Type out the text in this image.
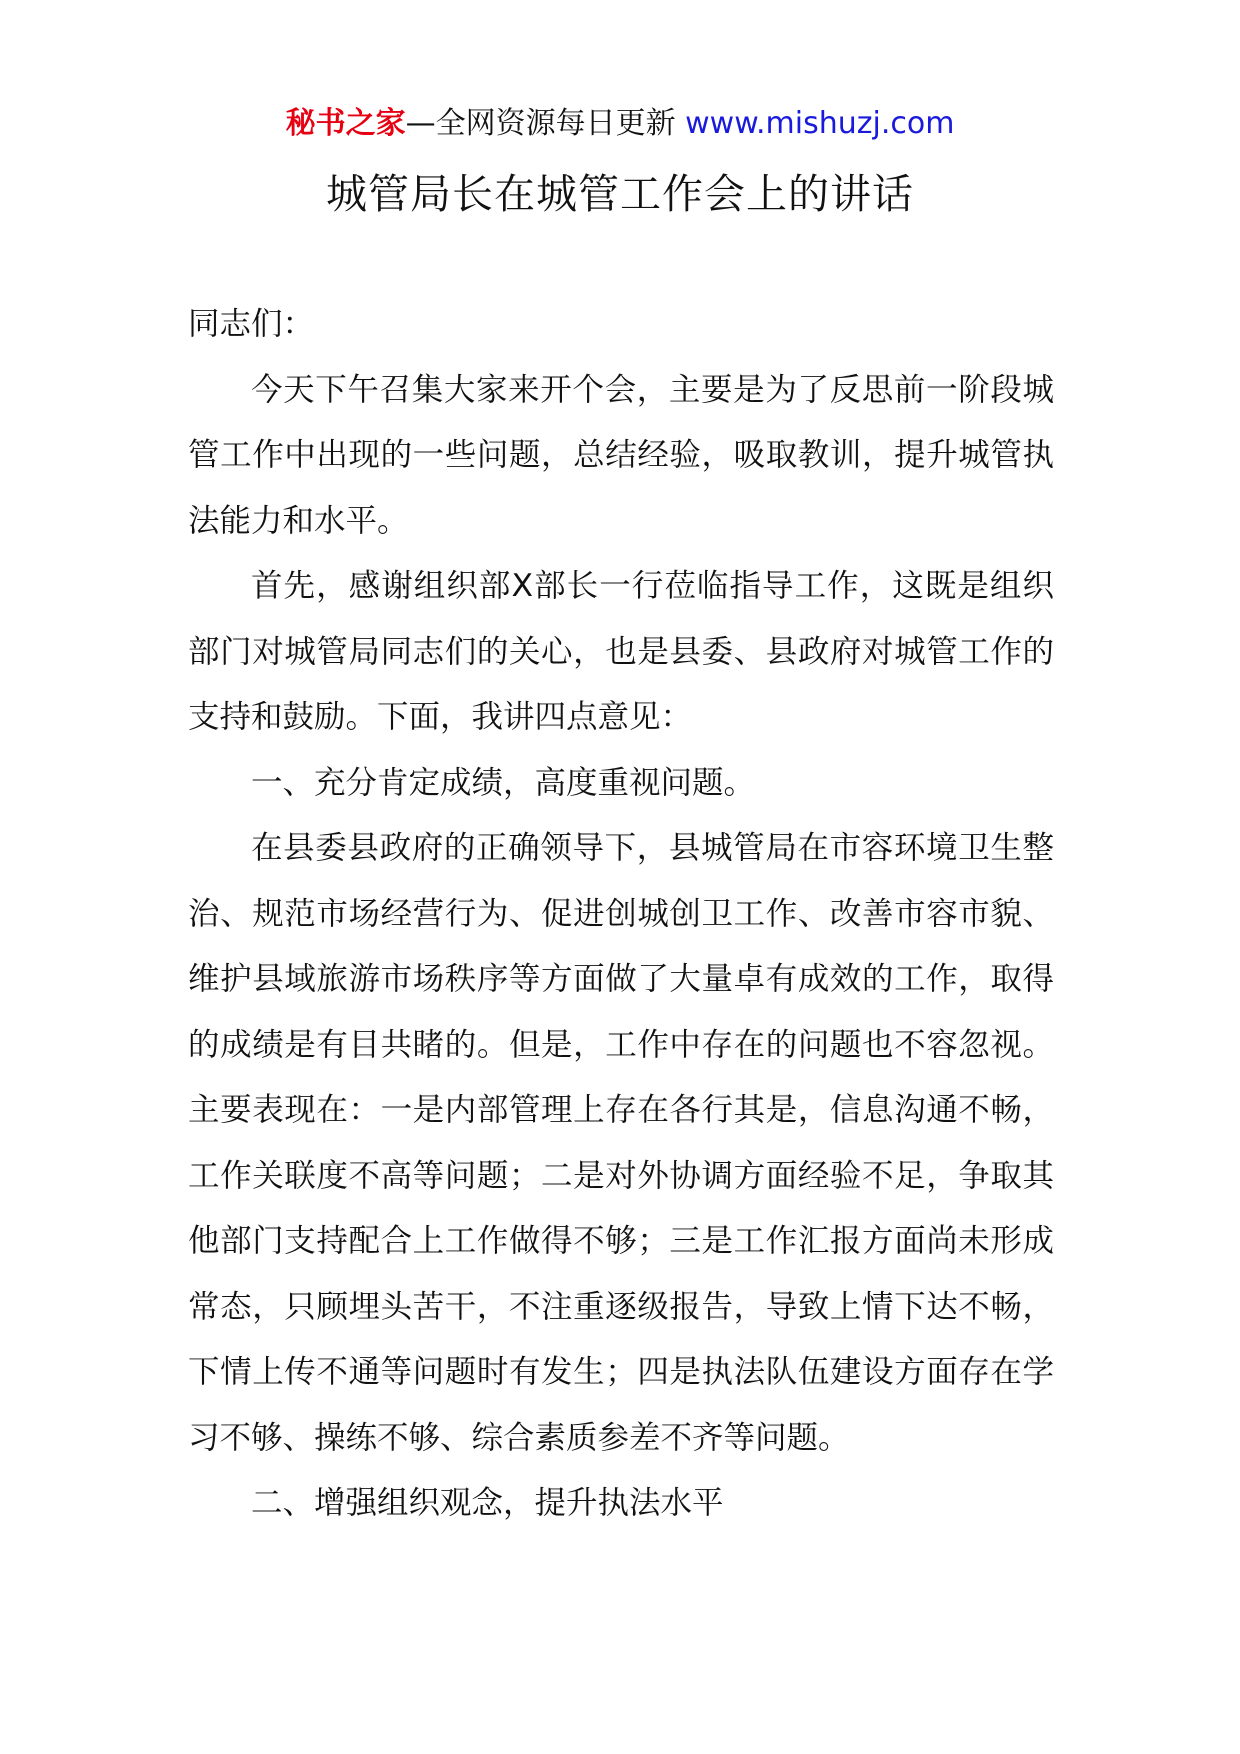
秘书之家—全网资源每日更新 www.mishuzj.com
城管局长在城管工作会上的讲话

同志们：

今天下午召集大家来开个会，主要是为了反思前一阶段城管工作中出现的一些问题，总结经验，吸取教训，提升城管执法能力和水平。

首先，感谢组织部X部长一行莅临指导工作，这既是组织部门对城管局同志们的关心，也是县委、县政府对城管工作的支持和鼓励。下面，我讲四点意见：

一、充分肯定成绩，高度重视问题。

在县委县政府的正确领导下，县城管局在市容环境卫生整治、规范市场经营行为、促进创城创卫工作、改善市容市貌、维护县域旅游市场秩序等方面做了大量卓有成效的工作，取得的成绩是有目共睹的。但是，工作中存在的问题也不容忽视。主要表现在：一是内部管理上存在各行其是，信息沟通不畅，工作关联度不高等问题；二是对外协调方面经验不足，争取其他部门支持配合上工作做得不够；三是工作汇报方面尚未形成常态，只顾埋头苦干，不注重逐级报告，导致上情下达不畅，下情上传不通等问题时有发生；四是执法队伍建设方面存在学习不够、操练不够、综合素质参差不齐等问题。

二、增强组织观念，提升执法水平
